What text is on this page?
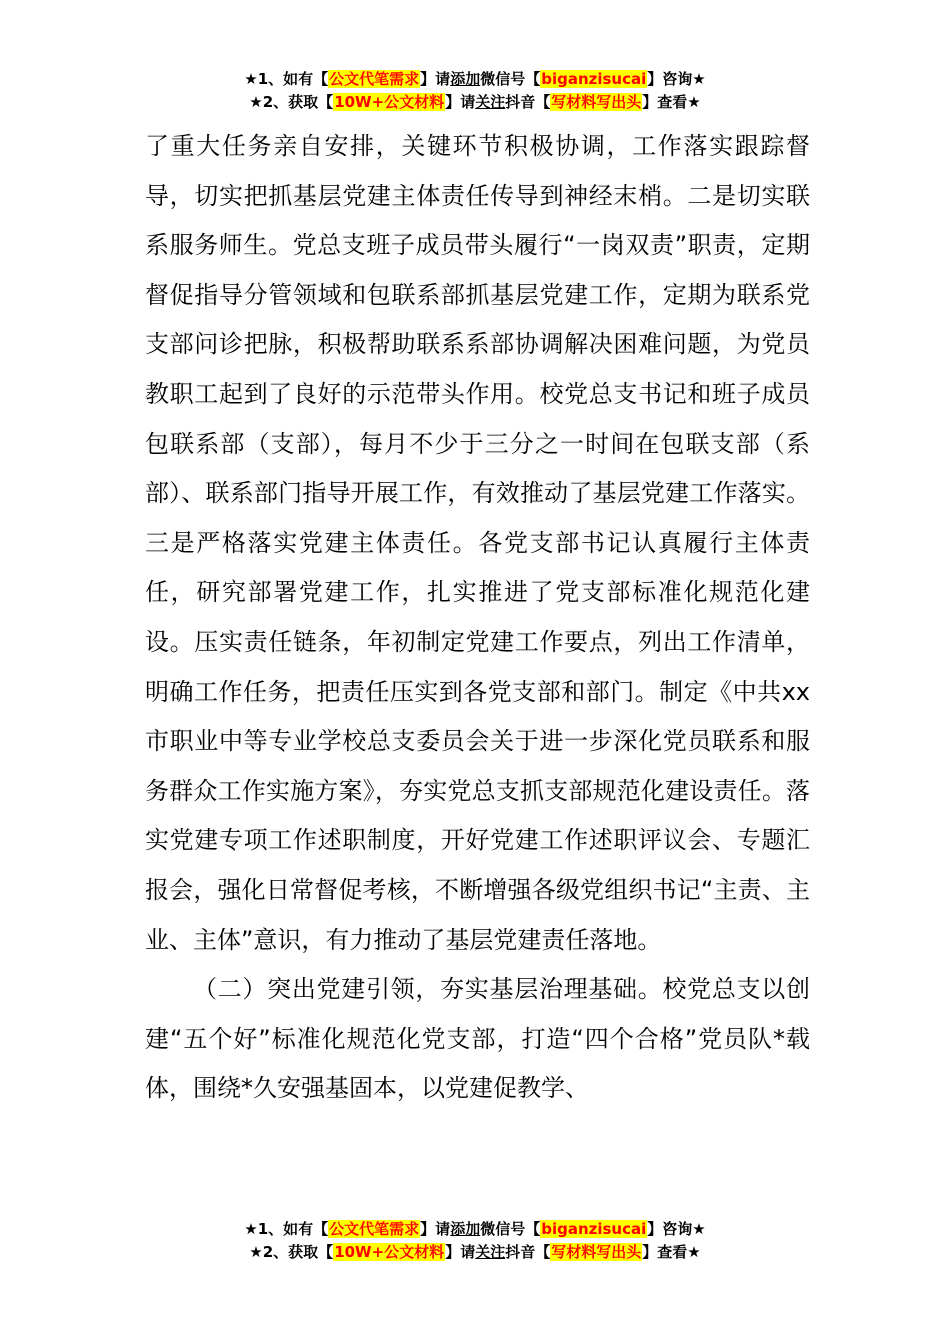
★1、如有【公文代笔需求】请添加微信号【biganzisucai】咨询★
★2、获取【10W+公文材料】请关注抖音【写材料写出头】查看★

了重大任务亲自安排，关键环节积极协调，工作落实跟踪督导，切实把抓基层党建主体责任传导到神经末梢。二是切实联系服务师生。党总支班子成员带头履行“一岗双责”职责，定期督促指导分管领域和包联系部抓基层党建工作，定期为联系党支部问诊把脉，积极帮助联系系部协调解决困难问题，为党员教职工起到了良好的示范带头作用。校党总支书记和班子成员包联系部（支部），每月不少于三分之一时间在包联支部（系部）、联系部门指导开展工作，有效推动了基层党建工作落实。三是严格落实党建主体责任。各党支部书记认真履行主体责任，研究部署党建工作，扎实推进了党支部标准化规范化建设。压实责任链条，年初制定党建工作要点，列出工作清单，明确工作任务，把责任压实到各党支部和部门。制定《中共xx市职业中等专业学校总支委员会关于进一步深化党员联系和服务群众工作实施方案》，夯实党总支抓支部规范化建设责任。落实党建专项工作述职制度，开好党建工作述职评议会、专题汇报会，强化日常督促考核，不断增强各级党组织书记“主责、主业、主体”意识，有力推动了基层党建责任落地。

（二）突出党建引领，夯实基层治理基础。校党总支以创建“五个好”标准化规范化党支部，打造“四个合格”党员队*载体，围绕*久安强基固本，以党建促教学、

★1、如有【公文代笔需求】请添加微信号【biganzisucai】咨询★
★2、获取【10W+公文材料】请关注抖音【写材料写出头】查看★
